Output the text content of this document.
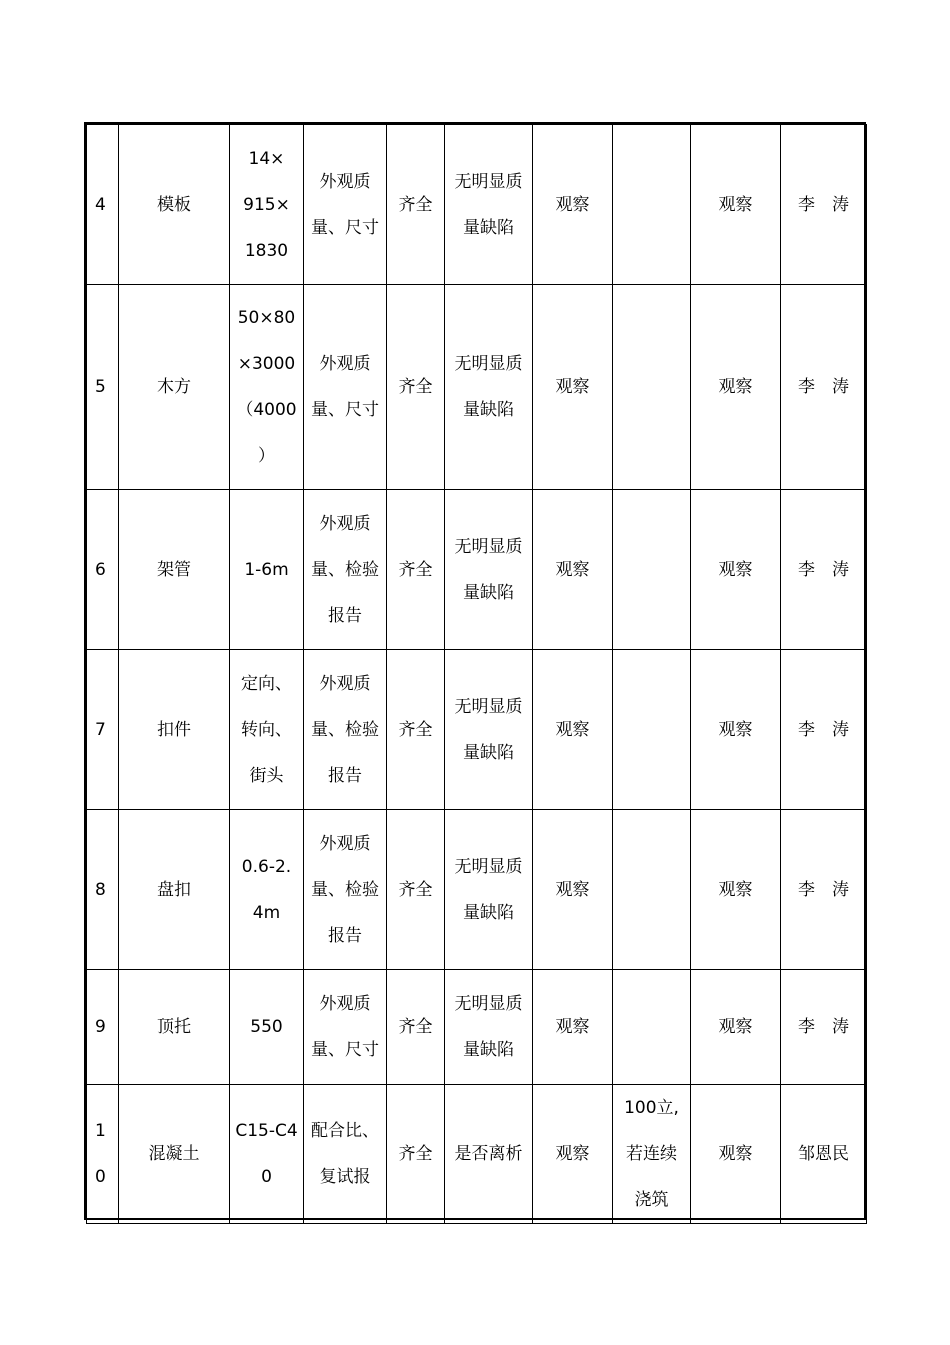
4	模板	14×
915×
1830	外观质
量、尺寸	齐全	无明显质
量缺陷	观察		观察	李　涛
5	木方	50×80
×3000
（4000
）	外观质
量、尺寸	齐全	无明显质
量缺陷	观察		观察	李　涛
6	架管	1-6m	外观质
量、检验
报告	齐全	无明显质
量缺陷	观察		观察	李　涛
7	扣件	定向、
转向、
街头	外观质
量、检验
报告	齐全	无明显质
量缺陷	观察		观察	李　涛
8	盘扣	0.6-2.
4m	外观质
量、检验
报告	齐全	无明显质
量缺陷	观察		观察	李　涛
9	顶托	550	外观质
量、尺寸	齐全	无明显质
量缺陷	观察		观察	李　涛
10	混凝土	C15-C4
0	配合比、
复试报	齐全	是否离析	观察	100立,
若连续
浇筑	观察	邹恩民
